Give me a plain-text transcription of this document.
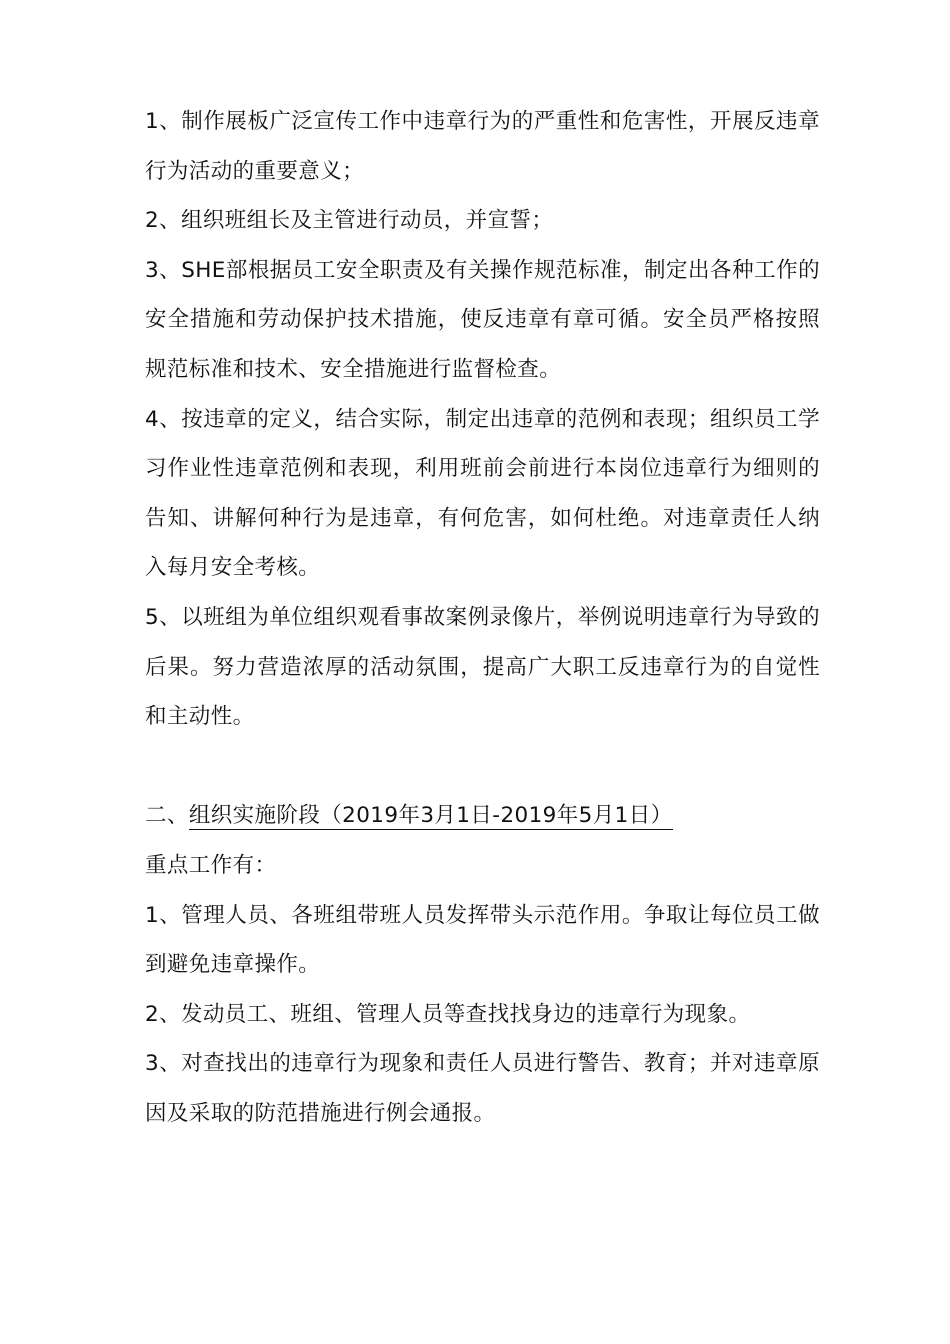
1、制作展板广泛宣传工作中违章行为的严重性和危害性，开展反违章行为活动的重要意义；

2、组织班组长及主管进行动员，并宣誓；

3、SHE部根据员工安全职责及有关操作规范标准，制定出各种工作的安全措施和劳动保护技术措施，使反违章有章可循。安全员严格按照规范标准和技术、安全措施进行监督检查。

4、按违章的定义，结合实际，制定出违章的范例和表现；组织员工学习作业性违章范例和表现，利用班前会前进行本岗位违章行为细则的告知、讲解何种行为是违章，有何危害，如何杜绝。对违章责任人纳入每月安全考核。

5、以班组为单位组织观看事故案例录像片，举例说明违章行为导致的后果。努力营造浓厚的活动氛围，提高广大职工反违章行为的自觉性和主动性。

二、组织实施阶段（2019年3月1日-2019年5月1日）

重点工作有：

1、管理人员、各班组带班人员发挥带头示范作用。争取让每位员工做到避免违章操作。

2、发动员工、班组、管理人员等查找找身边的违章行为现象。

3、对查找出的违章行为现象和责任人员进行警告、教育；并对违章原因及采取的防范措施进行例会通报。
